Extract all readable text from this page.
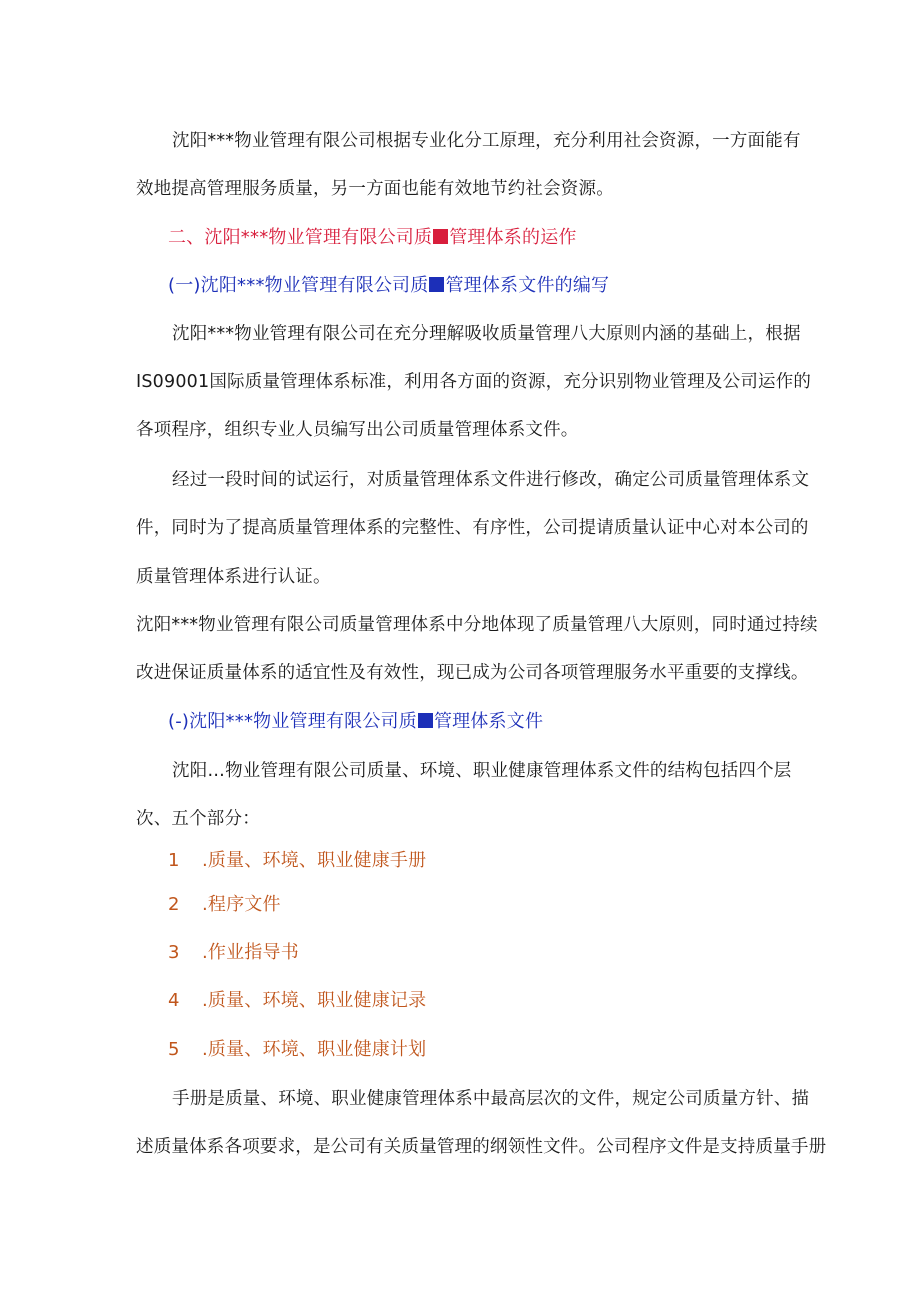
沈阳***物业管理有限公司根据专业化分工原理，充分利用社会资源，一方面能有
效地提高管理服务质量，另一方面也能有效地节约社会资源。
二、沈阳***物业管理有限公司质 管理体系的运作
(一)沈阳***物业管理有限公司质 管理体系文件的编写
沈阳***物业管理有限公司在充分理解吸收质量管理八大原则内涵的基础上，根据
IS09001国际质量管理体系标准，利用各方面的资源，充分识别物业管理及公司运作的
各项程序，组织专业人员编写出公司质量管理体系文件。
经过一段时间的试运行，对质量管理体系文件进行修改，确定公司质量管理体系文
件，同时为了提高质量管理体系的完整性、有序性，公司提请质量认证中心对本公司的
质量管理体系进行认证。
沈阳***物业管理有限公司质量管理体系中分地体现了质量管理八大原则，同时通过持续
改进保证质量体系的适宜性及有效性，现已成为公司各项管理服务水平重要的支撑线。
(-)沈阳***物业管理有限公司质 管理体系文件
沈阳…物业管理有限公司质量、环境、职业健康管理体系文件的结构包括四个层
次、五个部分：
1 .质量、环境、职业健康手册
2 .程序文件
3 .作业指导书
4 .质量、环境、职业健康记录
5 .质量、环境、职业健康计划
手册是质量、环境、职业健康管理体系中最高层次的文件，规定公司质量方针、描
述质量体系各项要求，是公司有关质量管理的纲领性文件。公司程序文件是支持质量手册
